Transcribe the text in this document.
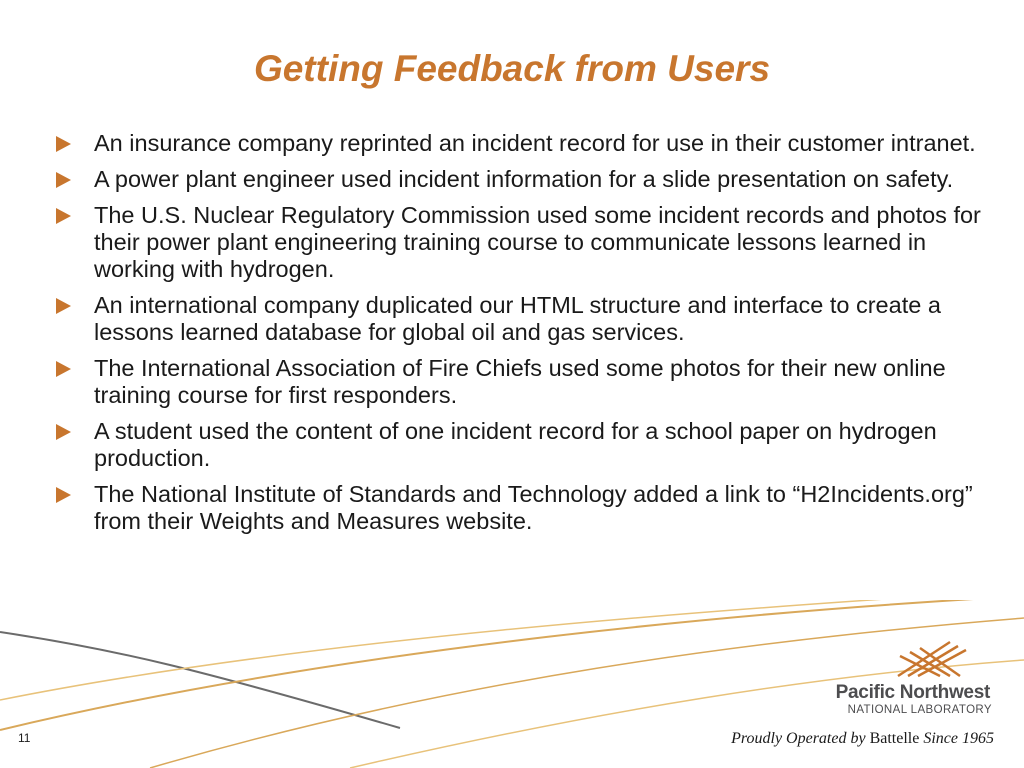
Getting Feedback from Users
An insurance company reprinted an incident record for use in their customer intranet.
A power plant engineer used incident information for a slide presentation on safety.
The U.S. Nuclear Regulatory Commission used some incident records and photos for their power plant engineering training course to communicate lessons learned in working with hydrogen.
An international company duplicated our HTML structure and interface to create a lessons learned database for global oil and gas services.
The International Association of Fire Chiefs used some photos for their new online training course for first responders.
A student used the content of one incident record for a school paper on hydrogen production.
The National Institute of Standards and Technology added a link to “H2Incidents.org” from their Weights and Measures website.
Pacific Northwest
NATIONAL LABORATORY
Proudly Operated by Battelle Since 1965
11
